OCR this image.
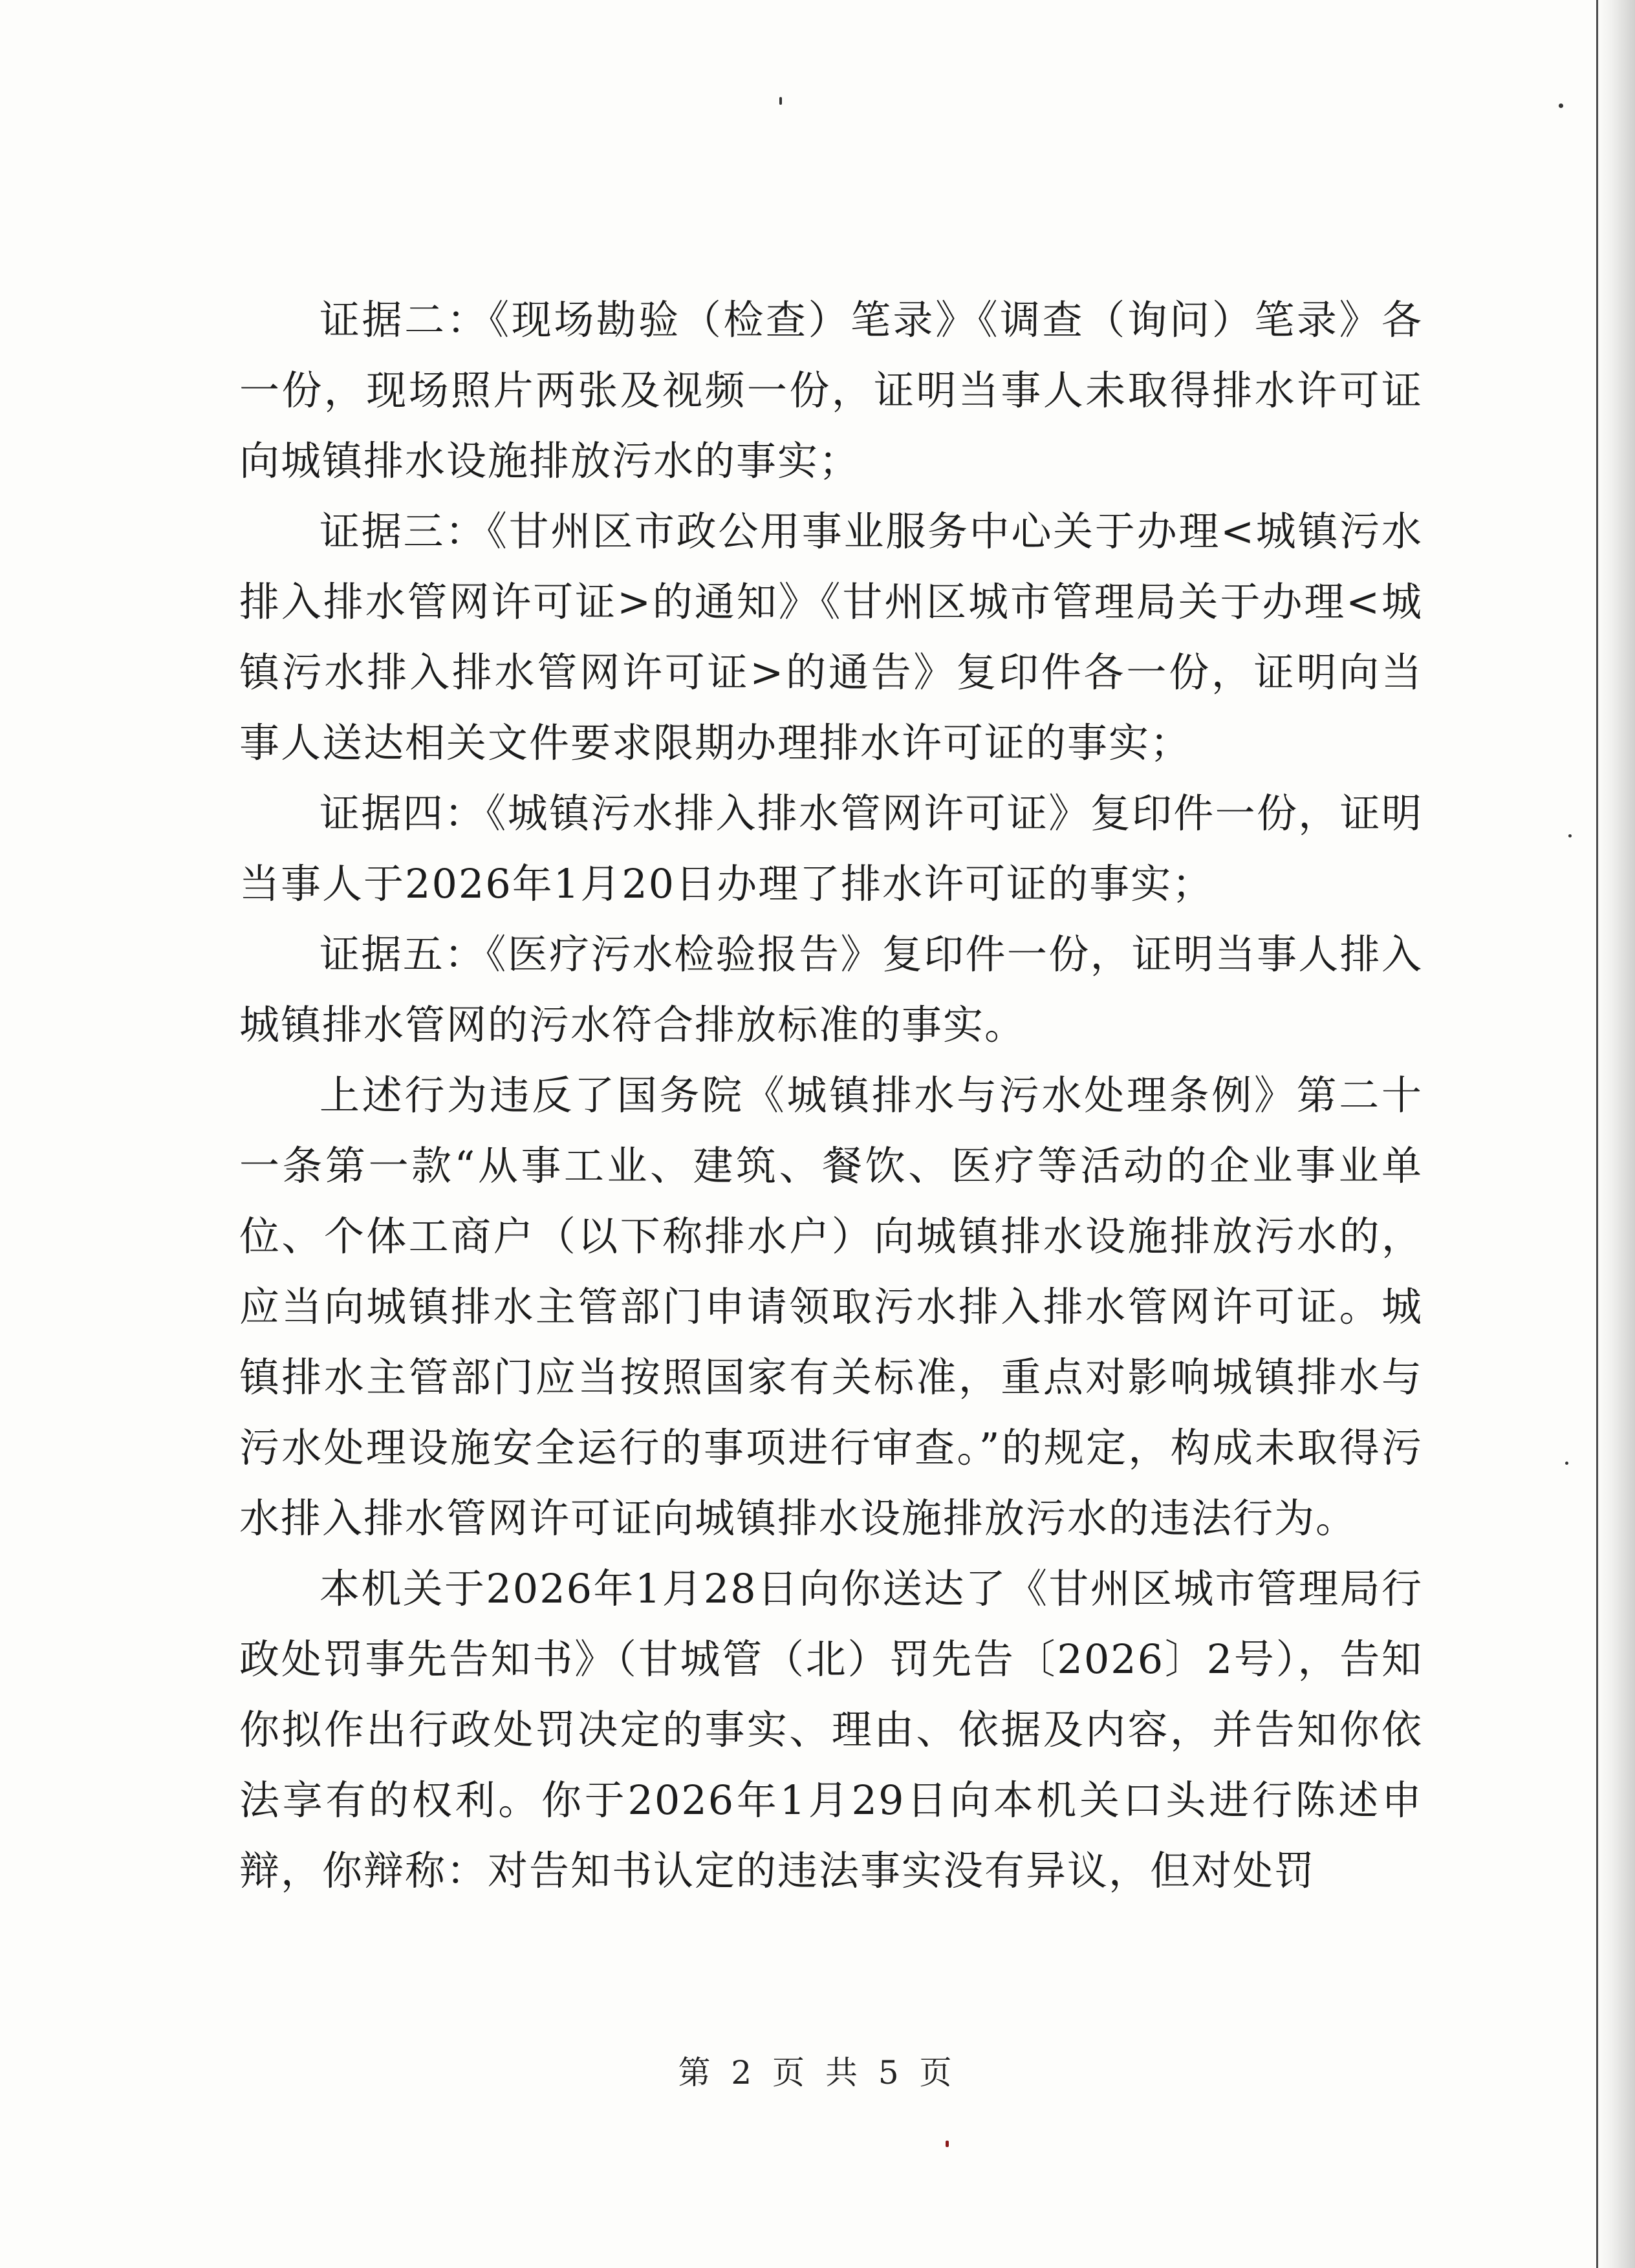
证据二：《现场勘验（检查）笔录》《调查（询问）笔录》各一份，现场照片两张及视频一份，证明当事人未取得排水许可证向城镇排水设施排放污水的事实；

证据三：《甘州区市政公用事业服务中心关于办理<城镇污水排入排水管网许可证>的通知》《甘州区城市管理局关于办理<城镇污水排入排水管网许可证>的通告》复印件各一份，证明向当事人送达相关文件要求限期办理排水许可证的事实；

证据四：《城镇污水排入排水管网许可证》复印件一份，证明当事人于2026年1月20日办理了排水许可证的事实；

证据五：《医疗污水检验报告》复印件一份，证明当事人排入城镇排水管网的污水符合排放标准的事实。

上述行为违反了国务院《城镇排水与污水处理条例》第二十一条第一款“从事工业、建筑、餐饮、医疗等活动的企业事业单位、个体工商户（以下称排水户）向城镇排水设施排放污水的，应当向城镇排水主管部门申请领取污水排入排水管网许可证。城镇排水主管部门应当按照国家有关标准，重点对影响城镇排水与污水处理设施安全运行的事项进行审查。”的规定，构成未取得污水排入排水管网许可证向城镇排水设施排放污水的违法行为。

本机关于2026年1月28日向你送达了《甘州区城市管理局行政处罚事先告知书》（甘城管（北）罚先告〔2026〕2号），告知你拟作出行政处罚决定的事实、理由、依据及内容，并告知你依法享有的权利。你于2026年1月29日向本机关口头进行陈述申辩，你辩称：对告知书认定的违法事实没有异议，但对处罚

第 2 页 共 5 页
